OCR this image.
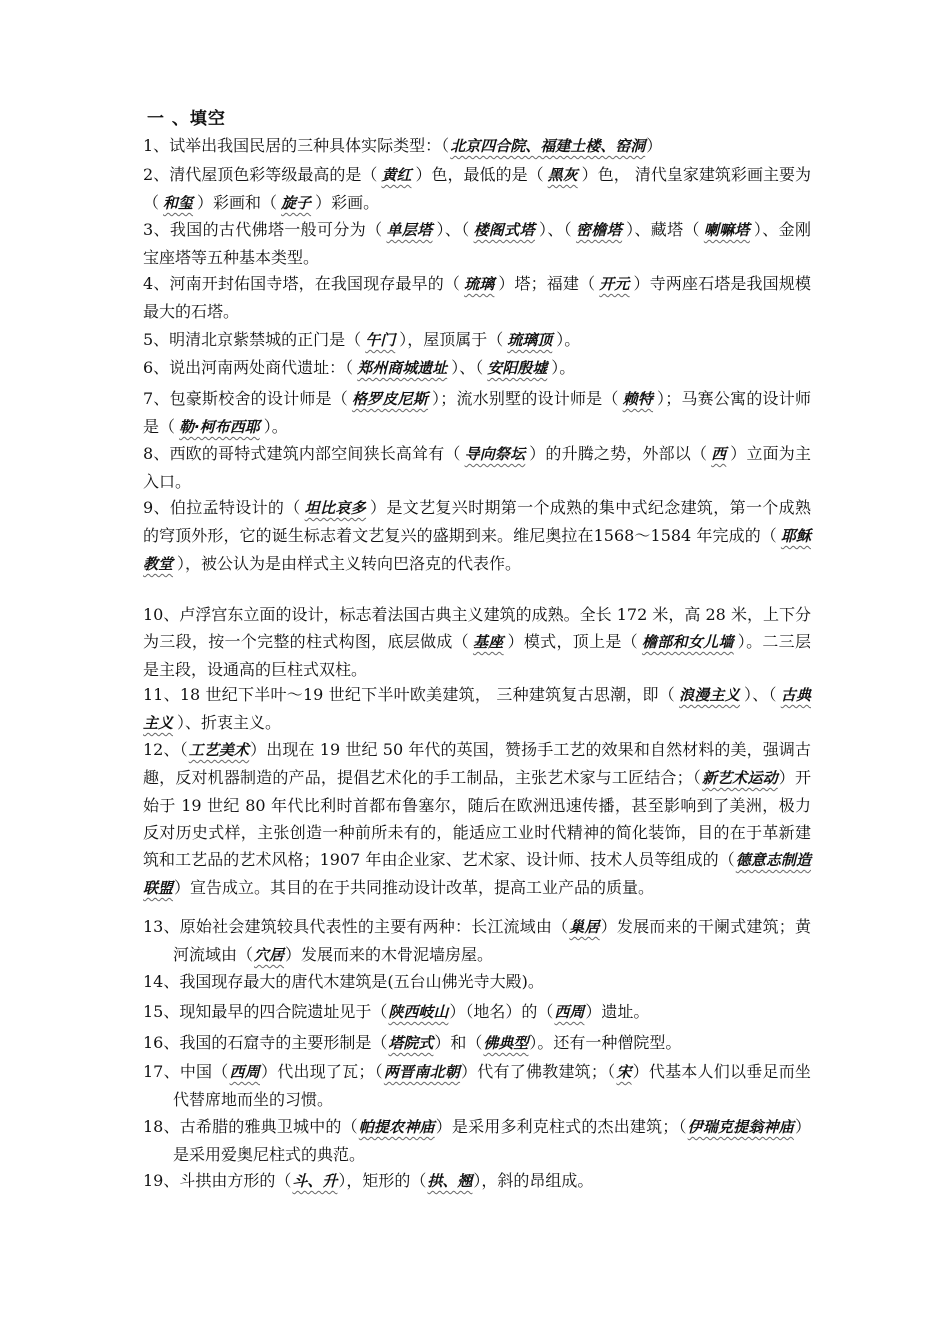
一 、填空
1、试举出我国民居的三种具体实际类型：（北京四合院、福建土楼、窑洞）
2、清代屋顶色彩等级最高的是（ 黄红 ）色，最低的是（ 黑灰 ）色， 清代皇家建筑彩画主要为（ 和玺 ）彩画和（ 旋子 ）彩画。
3、我国的古代佛塔一般可分为（ 单层塔 ）、（ 楼阁式塔 ）、（ 密檐塔 ）、藏塔（ 喇嘛塔 ）、金刚宝座塔等五种基本类型。
4、河南开封佑国寺塔，在我国现存最早的（ 琉璃 ）塔；福建（ 开元 ）寺两座石塔是我国规模最大的石塔。
5、明清北京紫禁城的正门是（ 午门 ），屋顶属于（ 琉璃顶 ）。
6、说出河南两处商代遗址：（ 郑州商城遗址 ）、（ 安阳殷墟 ）。
7、包豪斯校舍的设计师是（ 格罗皮尼斯 ）；流水别墅的设计师是（ 赖特 ）；马赛公寓的设计师是（ 勒·柯布西耶 ）。
8、西欧的哥特式建筑内部空间狭长高耸有（ 导向祭坛 ）的升腾之势，外部以（ 西 ）立面为主入口。
9、伯拉孟特设计的（ 坦比哀多 ）是文艺复兴时期第一个成熟的集中式纪念建筑，第一个成熟的穹顶外形，它的诞生标志着文艺复兴的盛期到来。维尼奥拉在1568～1584 年完成的（ 耶稣教堂 ），被公认为是由样式主义转向巴洛克的代表作。
10、卢浮宫东立面的设计，标志着法国古典主义建筑的成熟。全长 172 米，高 28 米，上下分为三段，按一个完整的柱式构图，底层做成（ 基座 ）模式，顶上是（ 檐部和女儿墙 ）。二三层是主段，设通高的巨柱式双柱。
11、18 世纪下半叶～19 世纪下半叶欧美建筑， 三种建筑复古思潮，即（ 浪漫主义 ）、（ 古典主义 ）、折衷主义。
12、（工艺美术）出现在 19 世纪 50 年代的英国，赞扬手工艺的效果和自然材料的美，强调古趣，反对机器制造的产品，提倡艺术化的手工制品，主张艺术家与工匠结合；（新艺术运动）开始于 19 世纪 80 年代比利时首都布鲁塞尔，随后在欧洲迅速传播，甚至影响到了美洲，极力反对历史式样，主张创造一种前所未有的，能适应工业时代精神的简化装饰，目的在于革新建筑和工艺品的艺术风格；1907 年由企业家、艺术家、设计师、技术人员等组成的（德意志制造联盟）宣告成立。其目的在于共同推动设计改革，提高工业产品的质量。
13、原始社会建筑较具代表性的主要有两种：长江流域由（巢居）发展而来的干阑式建筑；黄河流域由（穴居）发展而来的木骨泥墙房屋。
14、我国现存最大的唐代木建筑是(五台山佛光寺大殿)。
15、现知最早的四合院遗址见于（陕西岐山）（地名）的（西周）遗址。
16、我国的石窟寺的主要形制是（塔院式）和（佛典型）。还有一种僧院型。
17、中国（西周）代出现了瓦；（两晋南北朝）代有了佛教建筑；（宋）代基本人们以垂足而坐代替席地而坐的习惯。
18、古希腊的雅典卫城中的（帕提农神庙）是采用多利克柱式的杰出建筑；（伊瑞克提翁神庙）是采用爱奥尼柱式的典范。
19、斗拱由方形的（斗、升），矩形的（拱、翘），斜的昂组成。
